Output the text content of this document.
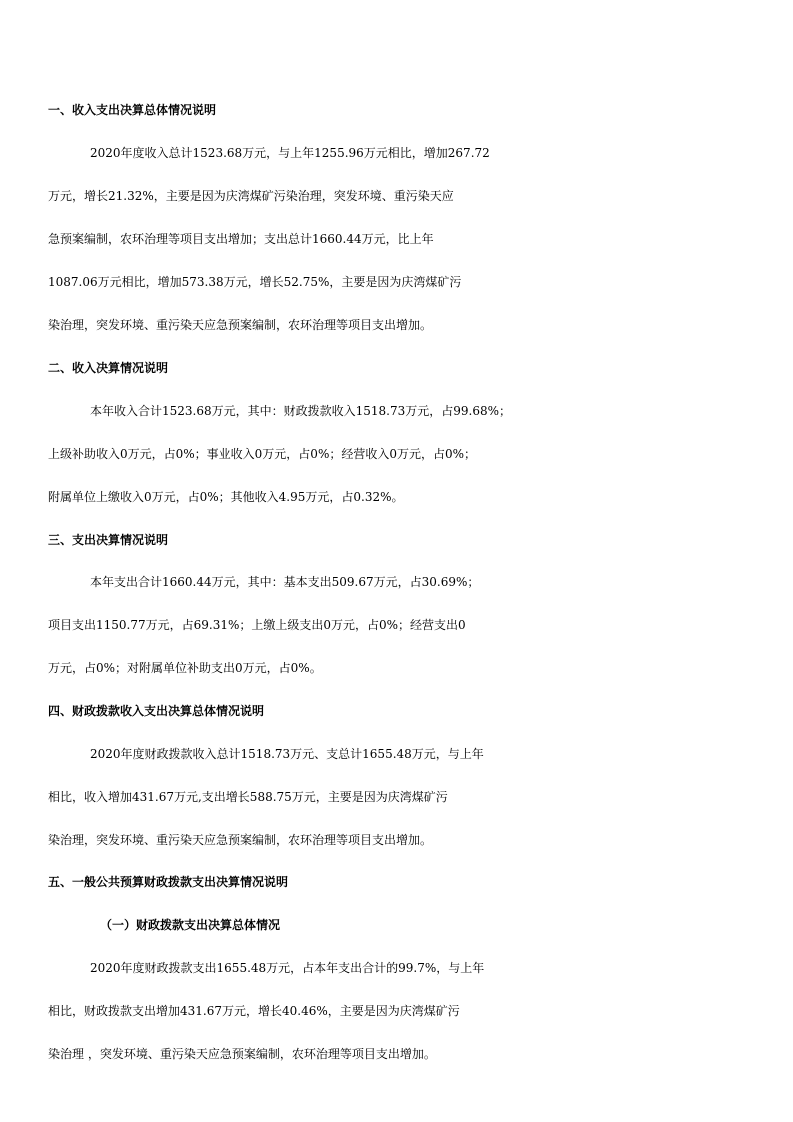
一、收入支出决算总体情况说明
2020年度收入总计1523.68万元，与上年1255.96万元相比，增加267.72
万元，增长21.32%，主要是因为庆湾煤矿污染治理，突发环境、重污染天应
急预案编制，农环治理等项目支出增加；支出总计1660.44万元，比上年
1087.06万元相比，增加573.38万元，增长52.75%，主要是因为庆湾煤矿污
染治理，突发环境、重污染天应急预案编制，农环治理等项目支出增加。
二、收入决算情况说明
本年收入合计1523.68万元，其中：财政拨款收入1518.73万元，占99.68%；
上级补助收入0万元，占0%；事业收入0万元，占0%；经营收入0万元，占0%；
附属单位上缴收入0万元，占0%；其他收入4.95万元，占0.32%。
三、支出决算情况说明
本年支出合计1660.44万元，其中：基本支出509.67万元，占30.69%；
项目支出1150.77万元，占69.31%；上缴上级支出0万元，占0%；经营支出0
万元，占0%；对附属单位补助支出0万元，占0%。
四、财政拨款收入支出决算总体情况说明
2020年度财政拨款收入总计1518.73万元、支总计1655.48万元，与上年
相比，收入增加431.67万元,支出增长588.75万元，主要是因为庆湾煤矿污
染治理，突发环境、重污染天应急预案编制，农环治理等项目支出增加。
五、一般公共预算财政拨款支出决算情况说明
（一）财政拨款支出决算总体情况
2020年度财政拨款支出1655.48万元，占本年支出合计的99.7%，与上年
相比，财政拨款支出增加431.67万元，增长40.46%，主要是因为庆湾煤矿污
染治理 ，突发环境、重污染天应急预案编制，农环治理等项目支出增加。
